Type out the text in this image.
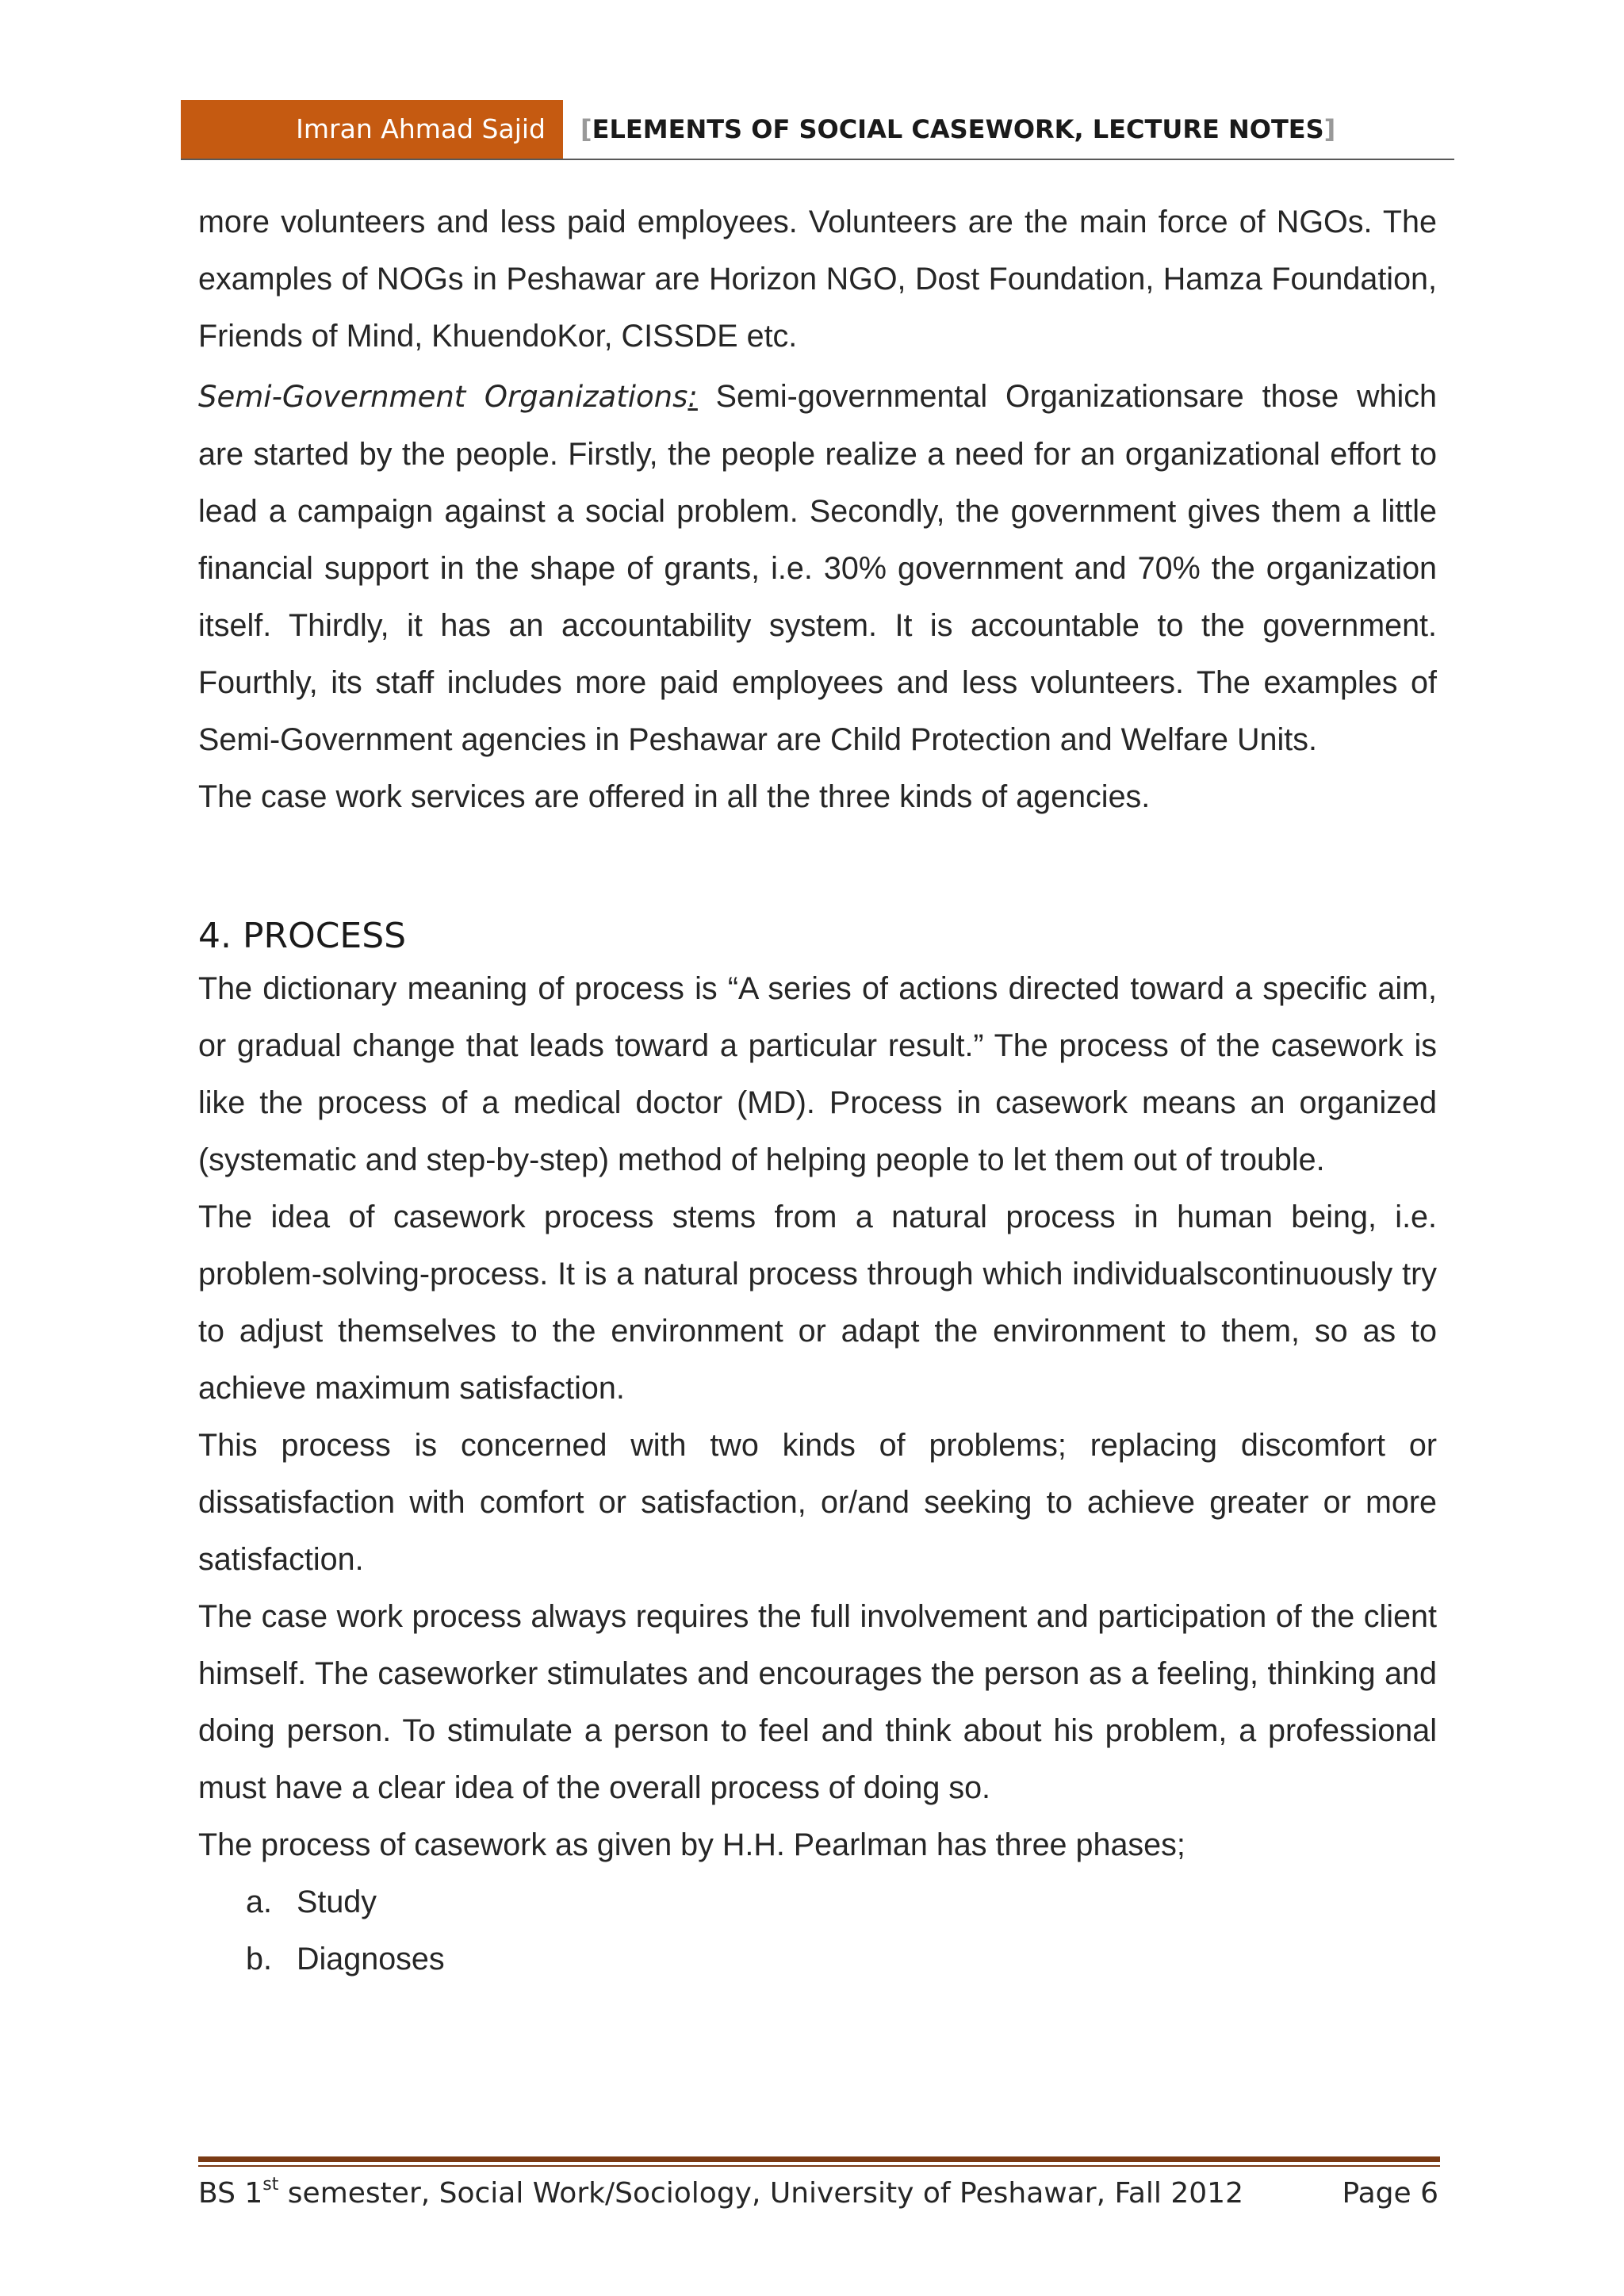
Imran Ahmad Sajid	[ELEMENTS OF SOCIAL CASEWORK, LECTURE NOTES]

more volunteers and less paid employees. Volunteers are the main force of NGOs. The examples of NOGs in Peshawar are Horizon NGO, Dost Foundation, Hamza Foundation, Friends of Mind, KhuendoKor, CISSDE etc.

Semi-Government Organizations: Semi-governmental Organizationsare those which are started by the people. Firstly, the people realize a need for an organizational effort to lead a campaign against a social problem. Secondly, the government gives them a little financial support in the shape of grants, i.e. 30% government and 70% the organization itself. Thirdly, it has an accountability system. It is accountable to the government. Fourthly, its staff includes more paid employees and less volunteers. The examples of Semi-Government agencies in Peshawar are Child Protection and Welfare Units.

The case work services are offered in all the three kinds of agencies.

4. PROCESS

The dictionary meaning of process is “A series of actions directed toward a specific aim, or gradual change that leads toward a particular result.” The process of the casework is like the process of a medical doctor (MD). Process in casework means an organized (systematic and step-by-step) method of helping people to let them out of trouble.

The idea of casework process stems from a natural process in human being, i.e. problem-solving-process. It is a natural process through which individualscontinuously try to adjust themselves to the environment or adapt the environment to them, so as to achieve maximum satisfaction.

This process is concerned with two kinds of problems; replacing discomfort or dissatisfaction with comfort or satisfaction, or/and seeking to achieve greater or more satisfaction.

The case work process always requires the full involvement and participation of the client himself. The caseworker stimulates and encourages the person as a feeling, thinking and doing person. To stimulate a person to feel and think about his problem, a professional must have a clear idea of the overall process of doing so.

The process of casework as given by H.H. Pearlman has three phases;

a. Study
b. Diagnoses
BS 1st semester, Social Work/Sociology, University of Peshawar, Fall 2012	Page 6
